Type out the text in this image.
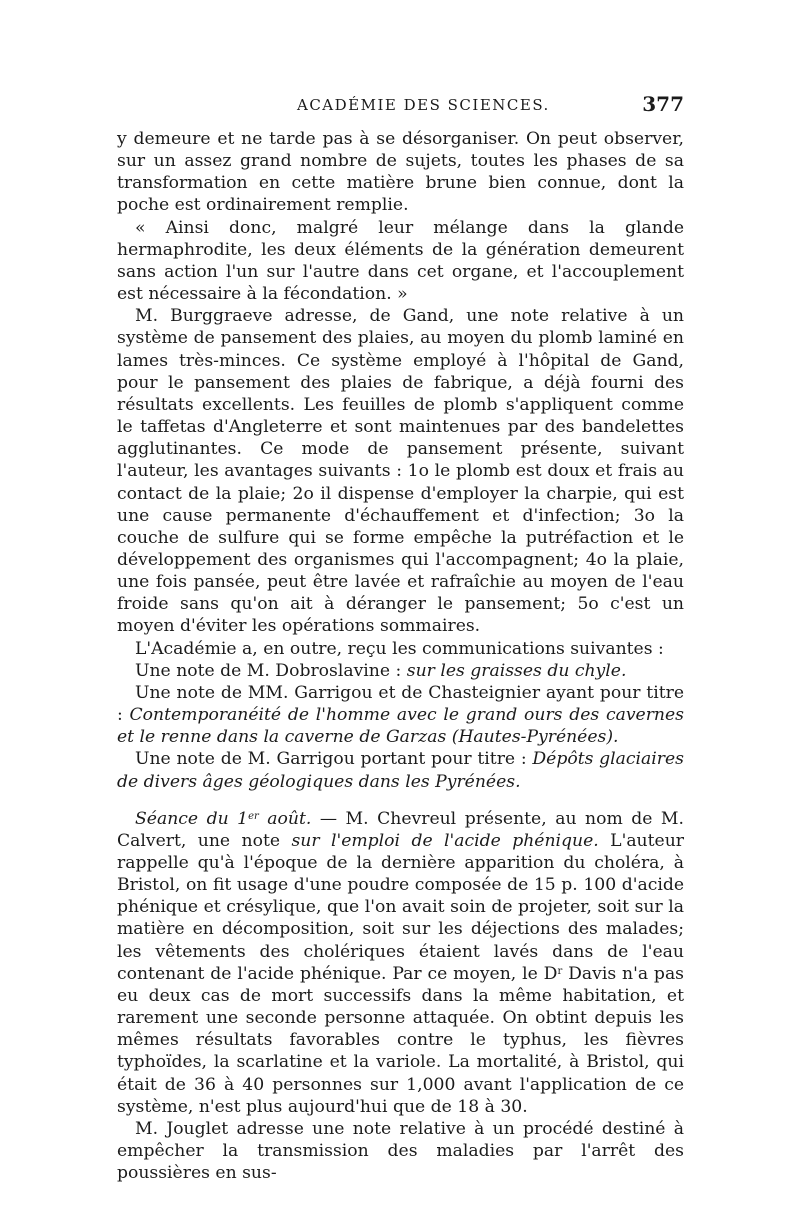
ACADÉMIE DES SCIENCES.	377

y demeure et ne tarde pas à se désorganiser. On peut observer, sur un assez grand nombre de sujets, toutes les phases de sa transformation en cette matière brune bien connue, dont la poche est ordinairement remplie.

« Ainsi donc, malgré leur mélange dans la glande hermaphrodite, les deux éléments de la génération demeurent sans action l'un sur l'autre dans cet organe, et l'accouplement est nécessaire à la fécondation. »

M. Burggraeve adresse, de Gand, une note relative à un système de pansement des plaies, au moyen du plomb laminé en lames très-minces. Ce système employé à l'hôpital de Gand, pour le pansement des plaies de fabrique, a déjà fourni des résultats excellents. Les feuilles de plomb s'appliquent comme le taffetas d'Angleterre et sont maintenues par des bandelettes agglutinantes. Ce mode de pansement présente, suivant l'auteur, les avantages suivants : 1o le plomb est doux et frais au contact de la plaie; 2o il dispense d'employer la charpie, qui est une cause permanente d'échauffement et d'infection; 3o la couche de sulfure qui se forme empêche la putréfaction et le développement des organismes qui l'accompagnent; 4o la plaie, une fois pansée, peut être lavée et rafraîchie au moyen de l'eau froide sans qu'on ait à déranger le pansement; 5o c'est un moyen d'éviter les opérations sommaires.

L'Académie a, en outre, reçu les communications suivantes :

Une note de M. Dobroslavine : sur les graisses du chyle.

Une note de MM. Garrigou et de Chasteignier ayant pour titre : Contemporanéité de l'homme avec le grand ours des cavernes et le renne dans la caverne de Garzas (Hautes-Pyrénées).

Une note de M. Garrigou portant pour titre : Dépôts glaciaires de divers âges géologiques dans les Pyrénées.

Séance du 1er août. — M. Chevreul présente, au nom de M. Calvert, une note sur l'emploi de l'acide phénique. L'auteur rappelle qu'à l'époque de la dernière apparition du choléra, à Bristol, on fit usage d'une poudre composée de 15 p. 100 d'acide phénique et crésylique, que l'on avait soin de projeter, soit sur la matière en décomposition, soit sur les déjections des malades; les vêtements des cholériques étaient lavés dans de l'eau contenant de l'acide phénique. Par ce moyen, le $D^r$ Davis n'a pas eu deux cas de mort successifs dans la même habitation, et rarement une seconde personne attaquée. On obtint depuis les mêmes résultats favorables contre le typhus, les fièvres typhoïdes, la scarlatine et la variole. La mortalité, à Bristol, qui était de 36 à 40 personnes sur 1,000 avant l'application de ce système, n'est plus aujourd'hui que de 18 à 30.

M. Jouglet adresse une note relative à un procédé destiné à empêcher la transmission des maladies par l'arrêt des poussières en sus-
